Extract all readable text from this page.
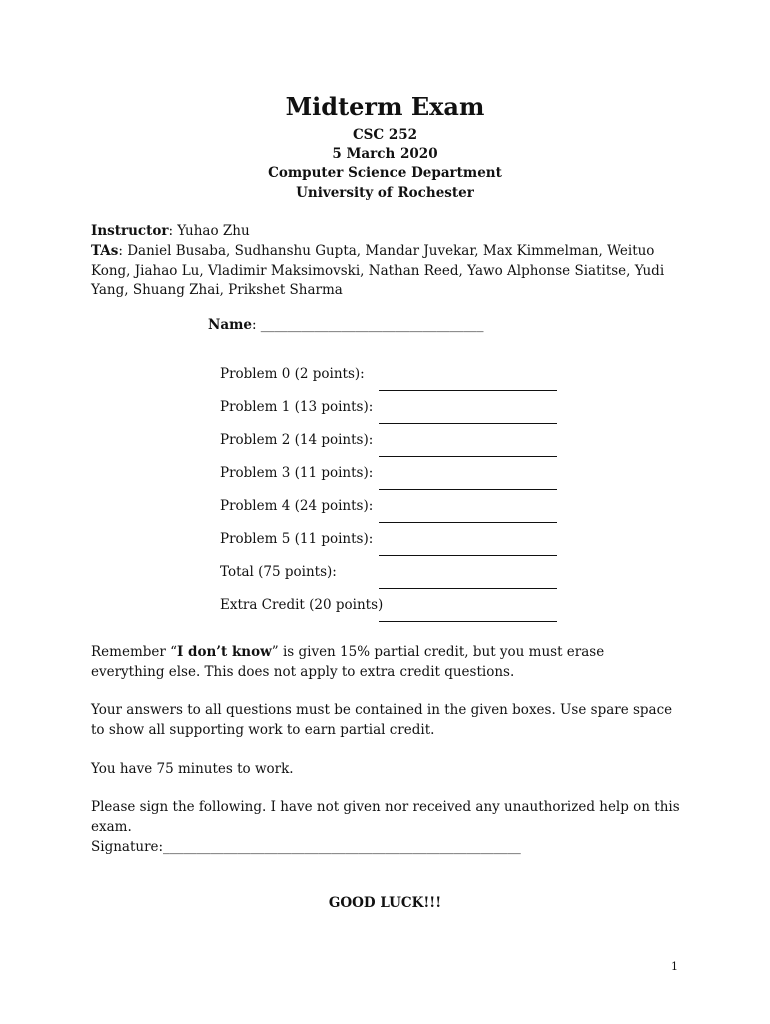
Midterm Exam
CSC 252
5 March 2020
Computer Science Department
University of Rochester
Instructor: Yuhao Zhu
TAs: Daniel Busaba, Sudhanshu Gupta, Mandar Juvekar, Max Kimmelman, Weituo Kong, Jiahao Lu, Vladimir Maksimovski, Nathan Reed, Yawo Alphonse Siatitse, Yudi Yang, Shuang Zhai, Prikshet Sharma
Name: _________________________________
Problem 0 (2 points):
Problem 1 (13 points):
Problem 2 (14 points):
Problem 3 (11 points):
Problem 4 (24 points):
Problem 5 (11 points):
Total (75 points):
Extra Credit (20 points)
Remember “I don’t know” is given 15% partial credit, but you must erase everything else. This does not apply to extra credit questions.
Your answers to all questions must be contained in the given boxes. Use spare space to show all supporting work to earn partial credit.
You have 75 minutes to work.
Please sign the following. I have not given nor received any unauthorized help on this exam.
Signature:_____________________________________________________
GOOD LUCK!!!
1
